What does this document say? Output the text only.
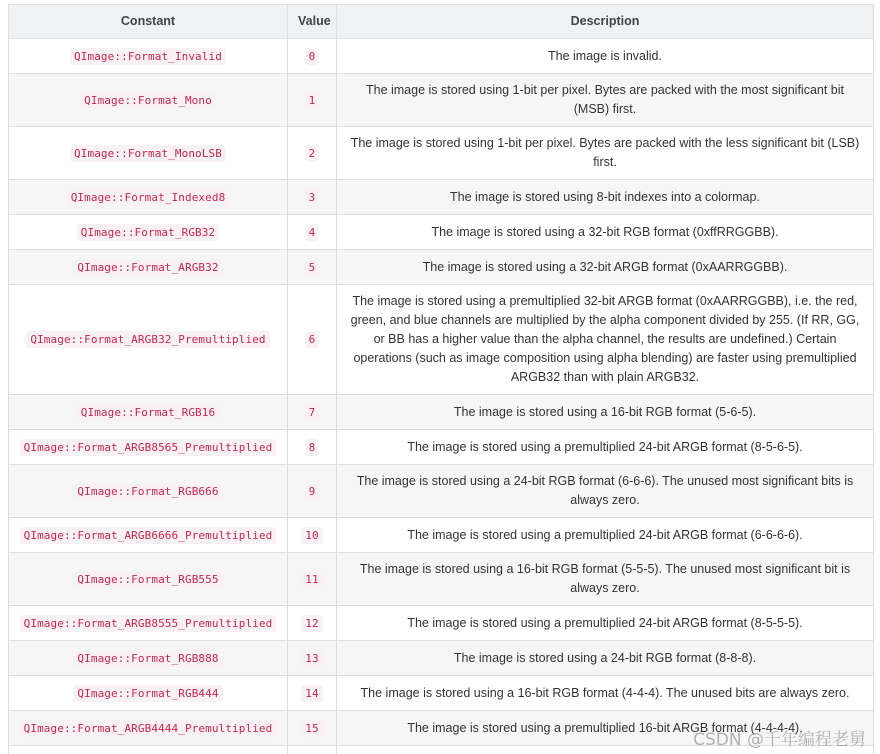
Constant	Value	Description
QImage::Format_Invalid	0	The image is invalid.
QImage::Format_Mono	1	The image is stored using 1-bit per pixel. Bytes are packed with the most significant bit (MSB) first.
QImage::Format_MonoLSB	2	The image is stored using 1-bit per pixel. Bytes are packed with the less significant bit (LSB) first.
QImage::Format_Indexed8	3	The image is stored using 8-bit indexes into a colormap.
QImage::Format_RGB32	4	The image is stored using a 32-bit RGB format (0xffRRGGBB).
QImage::Format_ARGB32	5	The image is stored using a 32-bit ARGB format (0xAARRGGBB).
QImage::Format_ARGB32_Premultiplied	6	The image is stored using a premultiplied 32-bit ARGB format (0xAARRGGBB), i.e. the red, green, and blue channels are multiplied by the alpha component divided by 255. (If RR, GG, or BB has a higher value than the alpha channel, the results are undefined.) Certain operations (such as image composition using alpha blending) are faster using premultiplied ARGB32 than with plain ARGB32.
QImage::Format_RGB16	7	The image is stored using a 16-bit RGB format (5-6-5).
QImage::Format_ARGB8565_Premultiplied	8	The image is stored using a premultiplied 24-bit ARGB format (8-5-6-5).
QImage::Format_RGB666	9	The image is stored using a 24-bit RGB format (6-6-6). The unused most significant bits is always zero.
QImage::Format_ARGB6666_Premultiplied	10	The image is stored using a premultiplied 24-bit ARGB format (6-6-6-6).
QImage::Format_RGB555	11	The image is stored using a 16-bit RGB format (5-5-5). The unused most significant bit is always zero.
QImage::Format_ARGB8555_Premultiplied	12	The image is stored using a premultiplied 24-bit ARGB format (8-5-5-5).
QImage::Format_RGB888	13	The image is stored using a 24-bit RGB format (8-8-8).
QImage::Format_RGB444	14	The image is stored using a 16-bit RGB format (4-4-4). The unused bits are always zero.
QImage::Format_ARGB4444_Premultiplied	15	The image is stored using a premultiplied 16-bit ARGB format (4-4-4-4).

CSDN @千年编程老舅
